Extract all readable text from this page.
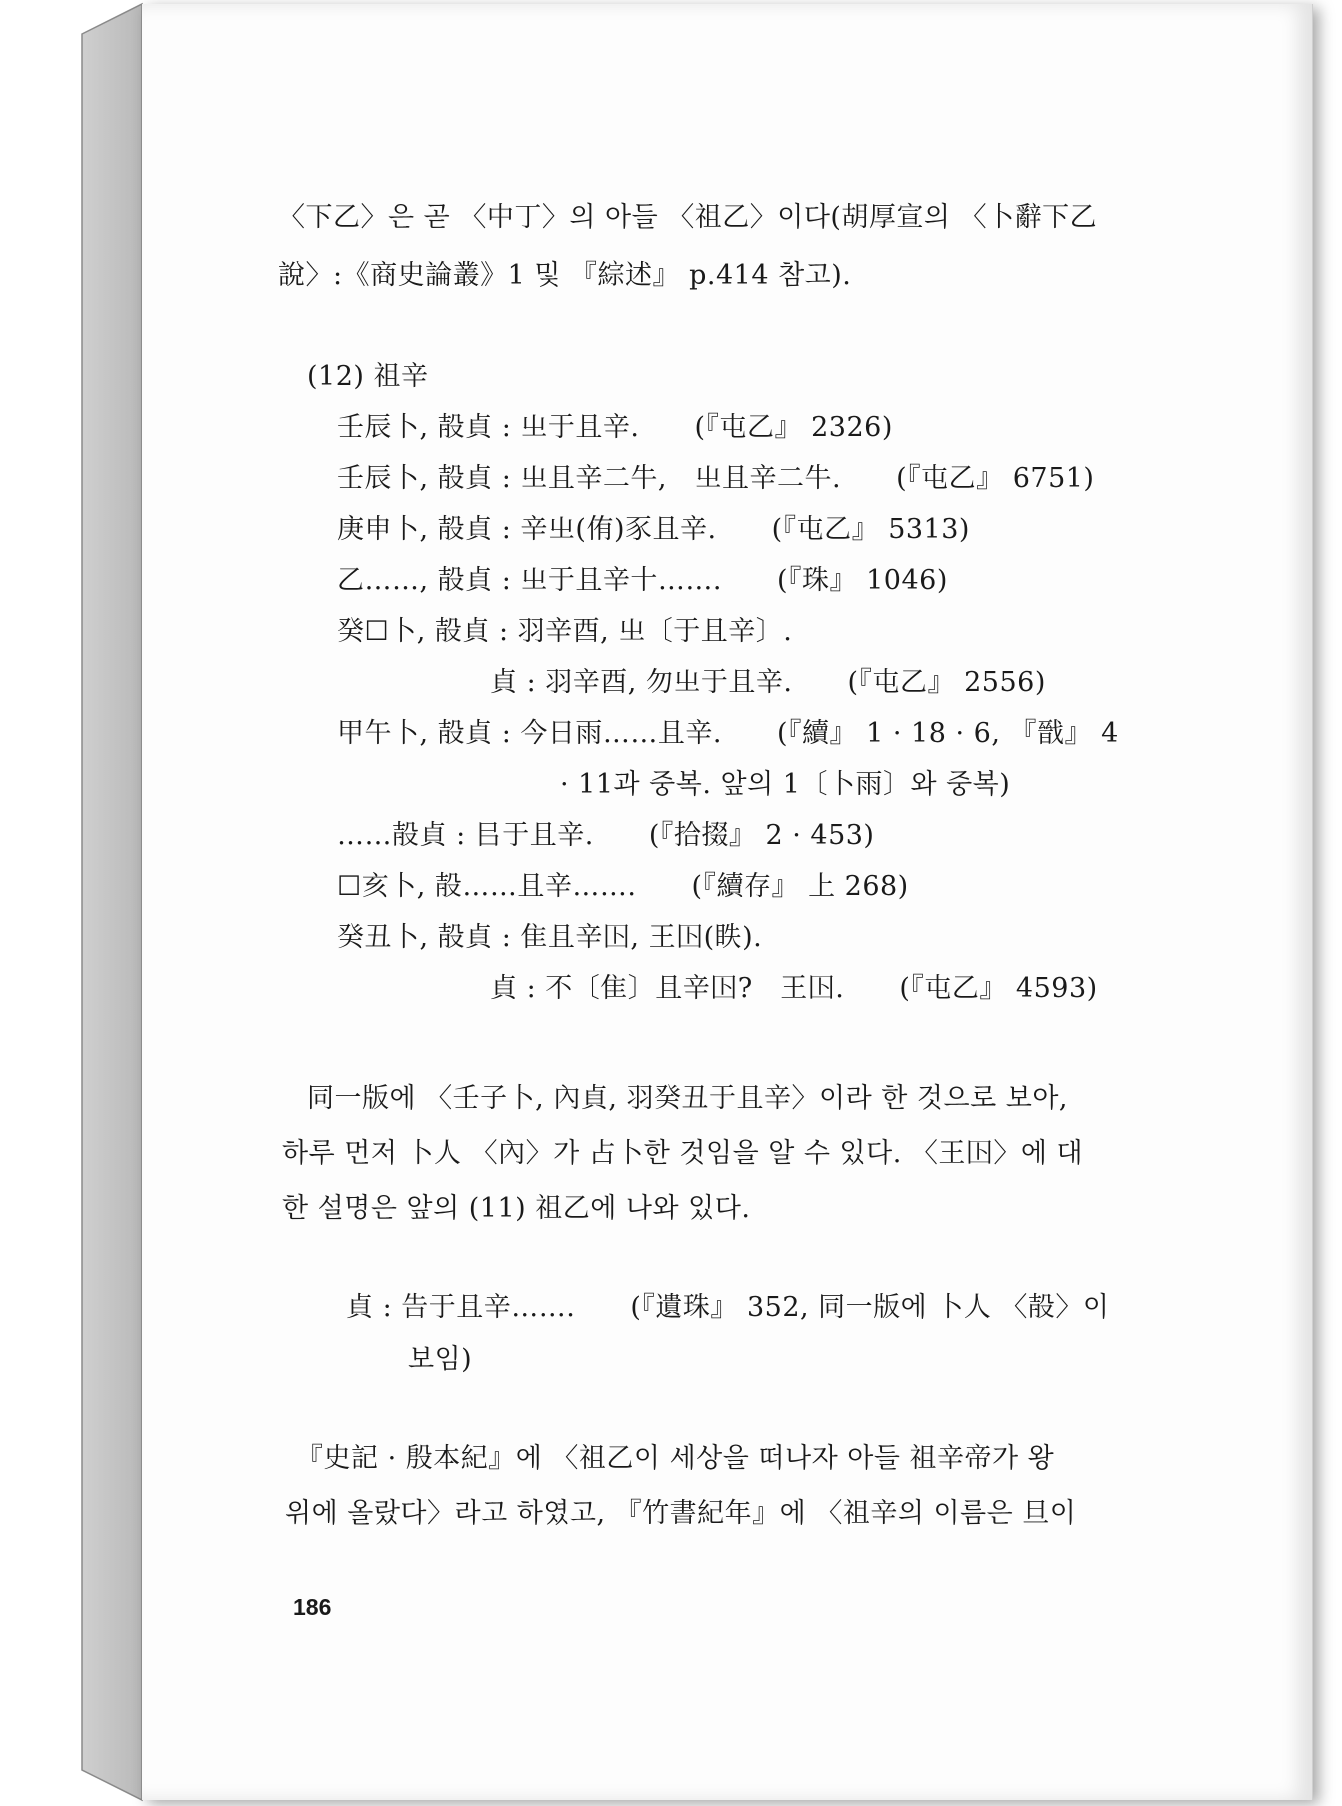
〈下乙〉은 곧 〈中丁〉의 아들 〈祖乙〉이다(胡厚宣의 〈卜辭下乙
說〉:《商史論叢》1 및 『綜述』 p.414 참고).
(12) 祖辛
壬辰卜, 㱿貞 : 㞢于且辛.　　(『屯乙』 2326)
壬辰卜, 㱿貞 : 㞢且辛二牛,　㞢且辛二牛.　　(『屯乙』 6751)
庚申卜, 㱿貞 : 辛㞢(侑)豕且辛.　　(『屯乙』 5313)
乙……, 㱿貞 : 㞢于且辛十…….　　(『珠』 1046)
癸☐卜, 㱿貞 : 羽辛酉, 㞢〔于且辛〕.
貞 : 羽辛酉, 勿㞢于且辛.　　(『屯乙』 2556)
甲午卜, 㱿貞 : 今日雨……且辛.　　(『續』 1 · 18 · 6, 『戩』 4
· 11과 중복. 앞의 1〔卜雨〕와 중복)
……㱿貞 : 㠯于且辛.　　(『拾掇』 2 · 453)
☐亥卜, 㱿……且辛…….　　(『續存』 上 268)
癸丑卜, 㱿貞 : 隹且辛𡆥, 王𡆥(眣).
貞 : 不〔隹〕且辛𡆥?　王𡆥.　　(『屯乙』 4593)
同一版에 〈壬子卜, 內貞, 羽癸丑于且辛〉이라 한 것으로 보아,
하루 먼저 卜人 〈內〉가 占卜한 것임을 알 수 있다. 〈王𡆥〉에 대
한 설명은 앞의 (11) 祖乙에 나와 있다.
貞 : 告于且辛…….　　(『遺珠』 352, 同一版에 卜人 〈㱿〉이
보임)
『史記 · 殷本紀』에 〈祖乙이 세상을 떠나자 아들 祖辛帝가 왕
위에 올랐다〉라고 하였고, 『竹書紀年』에 〈祖辛의 이름은 旦이
186
